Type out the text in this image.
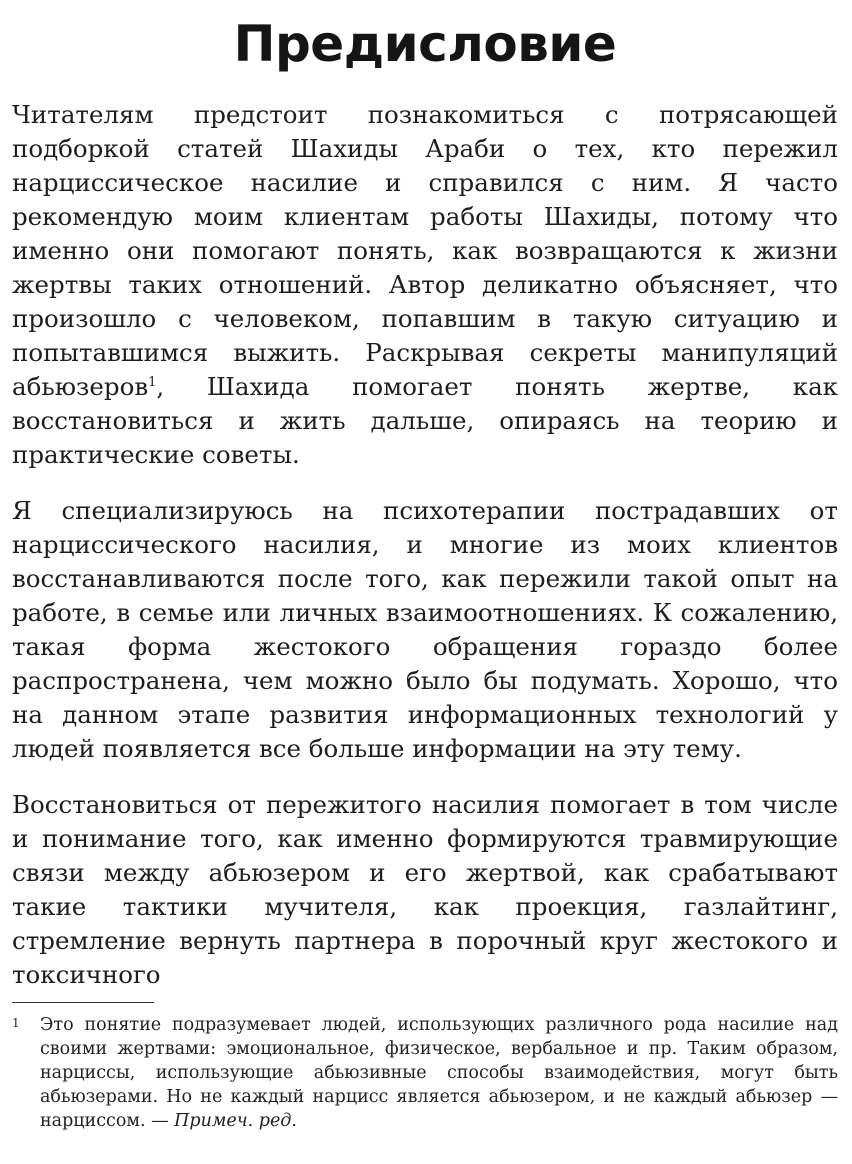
Предисловие

Читателям предстоит познакомиться с потрясающей подборкой статей Шахиды Араби о тех, кто пережил нарциссическое насилие и справился с ним. Я часто рекомендую моим клиентам работы Шахиды, потому что именно они помогают понять, как возвращаются к жизни жертвы таких отношений. Автор деликатно объясняет, что произошло с человеком, попавшим в такую ситуацию и попытавшимся выжить. Раскрывая секреты манипуляций абьюзеров$^1$, Шахида помогает понять жертве, как восстановиться и жить дальше, опираясь на теорию и практические советы.

Я специализируюсь на психотерапии пострадавших от нарциссического насилия, и многие из моих клиентов восстанавливаются после того, как пережили такой опыт на работе, в семье или личных взаимоотношениях. К сожалению, такая форма жестокого обращения гораздо более распространена, чем можно было бы подумать. Хорошо, что на данном этапе развития информационных технологий у людей появляется все больше информации на эту тему.

Восстановиться от пережитого насилия помогает в том числе и понимание того, как именно формируются травмирующие связи между абьюзером и его жертвой, как срабатывают такие тактики мучителя, как проекция, газлайтинг, стремление вернуть партнера в порочный круг жестокого и токсичного

1 Это понятие подразумевает людей, использующих различного рода насилие над своими жертвами: эмоциональное, физическое, вербальное и пр. Таким образом, нарциссы, использующие абьюзивные способы взаимодействия, могут быть абьюзерами. Но не каждый нарцисс является абьюзером, и не каждый абьюзер — нарциссом. — Примеч. ред.
